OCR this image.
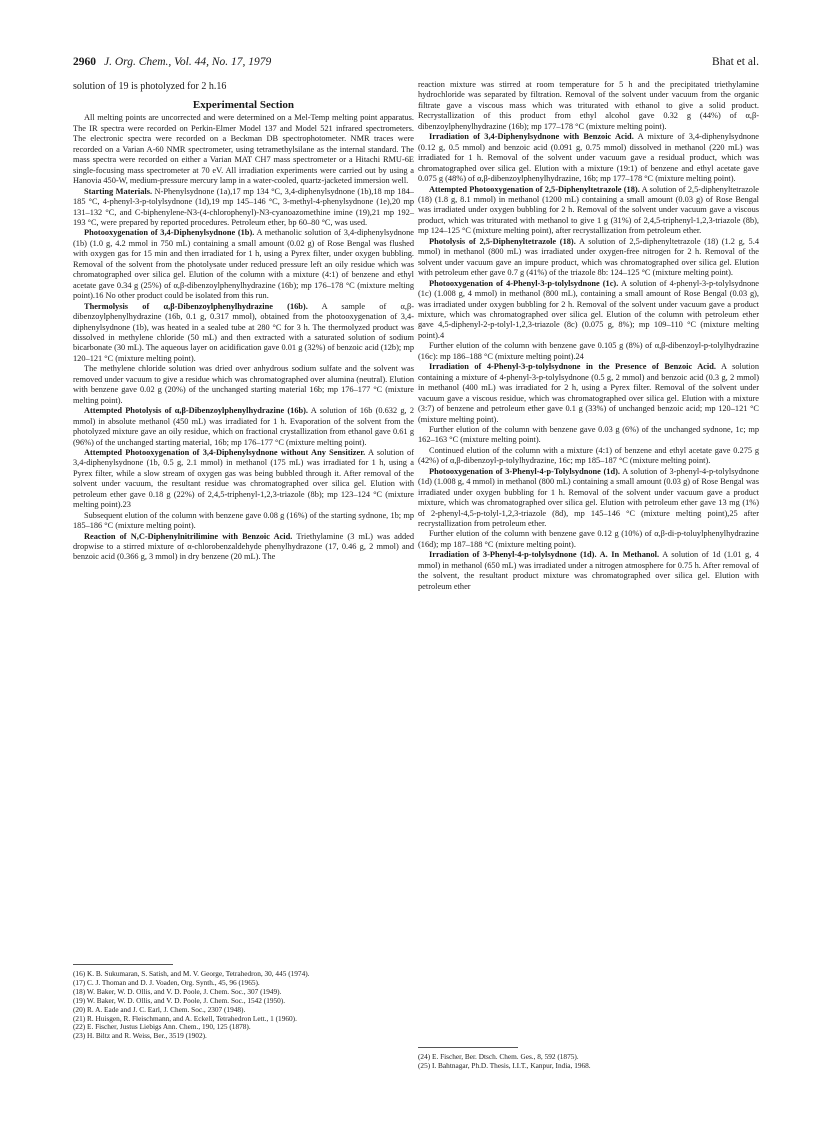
2960 J. Org. Chem., Vol. 44, No. 17, 1979	Bhat et al.

solution of 19 is photolyzed for 2 h.16

Experimental Section

All melting points are uncorrected and were determined on a Mel-Temp melting point apparatus. The IR spectra were recorded on Perkin-Elmer Model 137 and Model 521 infrared spectrometers. The electronic spectra were recorded on a Beckman DB spectrophotometer. NMR traces were recorded on a Varian A-60 NMR spectrometer, using tetramethylsilane as the internal standard. The mass spectra were recorded on either a Varian MAT CH7 mass spectrometer or a Hitachi RMU-6E single-focusing mass spectrometer at 70 eV. All irradiation experiments were carried out by using a Hanovia 450-W, medium-pressure mercury lamp in a water-cooled, quartz-jacketed immersion well.

Starting Materials. N-Phenylsydnone (1a),17 mp 134 °C, 3,4-diphenylsydnone (1b),18 mp 184–185 °C, 4-phenyl-3-p-tolylsydnone (1d),19 mp 145–146 °C, 3-methyl-4-phenylsydnone (1e),20 mp 131–132 °C, and C-biphenylene-N3-(4-chlorophenyl)-N3-cyanoazomethine imine (19),21 mp 192–193 °C, were prepared by reported procedures. Petroleum ether, bp 60–80 °C, was used.

Photooxygenation of 3,4-Diphenylsydnone (1b). A methanolic solution of 3,4-diphenylsydnone (1b) (1.0 g, 4.2 mmol in 750 mL) containing a small amount (0.02 g) of Rose Bengal was flushed with oxygen gas for 15 min and then irradiated for 1 h, using a Pyrex filter, under oxygen bubbling. Removal of the solvent from the photolysate under reduced pressure left an oily residue which was chromatographed over silica gel. Elution of the column with a mixture (4:1) of benzene and ethyl acetate gave 0.34 g (25%) of α,β-dibenzoylphenylhydrazine (16b); mp 176–178 °C (mixture melting point).16 No other product could be isolated from this run.

Thermolysis of α,β-Dibenzoylphenylhydrazine (16b). A sample of α,β-dibenzoylphenylhydrazine (16b, 0.1 g, 0.317 mmol), obtained from the photooxygenation of 3,4-diphenylsydnone (1b), was heated in a sealed tube at 280 °C for 3 h. The thermolyzed product was dissolved in methylene chloride (50 mL) and then extracted with a saturated solution of sodium bicarbonate (30 mL). The aqueous layer on acidification gave 0.01 g (32%) of benzoic acid (12b); mp 120–121 °C (mixture melting point).

The methylene chloride solution was dried over anhydrous sodium sulfate and the solvent was removed under vacuum to give a residue which was chromatographed over alumina (neutral). Elution with benzene gave 0.02 g (20%) of the unchanged starting material 16b; mp 176–177 °C (mixture melting point).

Attempted Photolysis of α,β-Dibenzoylphenylhydrazine (16b). A solution of 16b (0.632 g, 2 mmol) in absolute methanol (450 mL) was irradiated for 1 h. Evaporation of the solvent from the photolyzed mixture gave an oily residue, which on fractional crystallization from ethanol gave 0.61 g (96%) of the unchanged starting material, 16b; mp 176–177 °C (mixture melting point).

Attempted Photooxygenation of 3,4-Diphenylsydnone without Any Sensitizer. A solution of 3,4-diphenylsydnone (1b, 0.5 g, 2.1 mmol) in methanol (175 mL) was irradiated for 1 h, using a Pyrex filter, while a slow stream of oxygen gas was being bubbled through it. After removal of the solvent under vacuum, the resultant residue was chromatographed over silica gel. Elution with petroleum ether gave 0.18 g (22%) of 2,4,5-triphenyl-1,2,3-triazole (8b); mp 123–124 °C (mixture melting point).23

Subsequent elution of the column with benzene gave 0.08 g (16%) of the starting sydnone, 1b; mp 185–186 °C (mixture melting point).

Reaction of N,C-Diphenylnitrilimine with Benzoic Acid. Triethylamine (3 mL) was added dropwise to a stirred mixture of α-chlorobenzaldehyde phenylhydrazone (17, 0.46 g, 2 mmol) and benzoic acid (0.366 g, 3 mmol) in dry benzene (20 mL). The

reaction mixture was stirred at room temperature for 5 h and the precipitated triethylamine hydrochloride was separated by filtration. Removal of the solvent under vacuum from the organic filtrate gave a viscous mass which was triturated with ethanol to give a solid product. Recrystallization of this product from ethyl alcohol gave 0.32 g (44%) of α,β-dibenzoylphenylhydrazine (16b); mp 177–178 °C (mixture melting point).

Irradiation of 3,4-Diphenylsydnone with Benzoic Acid. A mixture of 3,4-diphenylsydnone (0.12 g, 0.5 mmol) and benzoic acid (0.091 g, 0.75 mmol) dissolved in methanol (220 mL) was irradiated for 1 h. Removal of the solvent under vacuum gave a residual product, which was chromatographed over silica gel. Elution with a mixture (19:1) of benzene and ethyl acetate gave 0.075 g (48%) of α,β-dibenzoylphenylhydrazine, 16b; mp 177–178 °C (mixture melting point).

Attempted Photooxygenation of 2,5-Diphenyltetrazole (18). A solution of 2,5-diphenyltetrazole (18) (1.8 g, 8.1 mmol) in methanol (1200 mL) containing a small amount (0.03 g) of Rose Bengal was irradiated under oxygen bubbling for 2 h. Removal of the solvent under vacuum gave a viscous product, which was triturated with methanol to give 1 g (31%) of 2,4,5-triphenyl-1,2,3-triazole (8b), mp 124–125 °C (mixture melting point), after recrystallization from petroleum ether.

Photolysis of 2,5-Diphenyltetrazole (18). A solution of 2,5-diphenyltetrazole (18) (1.2 g, 5.4 mmol) in methanol (800 mL) was irradiated under oxygen-free nitrogen for 2 h. Removal of the solvent under vacuum gave an impure product, which was chromatographed over silica gel. Elution with petroleum ether gave 0.7 g (41%) of the triazole 8b: 124–125 °C (mixture melting point).

Photooxygenation of 4-Phenyl-3-p-tolylsydnone (1c). A solution of 4-phenyl-3-p-tolylsydnone (1c) (1.008 g, 4 mmol) in methanol (800 mL), containing a small amount of Rose Bengal (0.03 g), was irradiated under oxygen bubbling for 2 h. Removal of the solvent under vacuum gave a product mixture, which was chromatographed over silica gel. Elution of the column with petroleum ether gave 4,5-diphenyl-2-p-tolyl-1,2,3-triazole (8c) (0.075 g, 8%); mp 109–110 °C (mixture melting point).4

Further elution of the column with benzene gave 0.105 g (8%) of α,β-dibenzoyl-p-tolylhydrazine (16c): mp 186–188 °C (mixture melting point).24

Irradiation of 4-Phenyl-3-p-tolylsydnone in the Presence of Benzoic Acid. A solution containing a mixture of 4-phenyl-3-p-tolylsydnone (0.5 g, 2 mmol) and benzoic acid (0.3 g, 2 mmol) in methanol (400 mL) was irradiated for 2 h, using a Pyrex filter. Removal of the solvent under vacuum gave a viscous residue, which was chromatographed over silica gel. Elution with a mixture (3:7) of benzene and petroleum ether gave 0.1 g (33%) of unchanged benzoic acid; mp 120–121 °C (mixture melting point).

Further elution of the column with benzene gave 0.03 g (6%) of the unchanged sydnone, 1c; mp 162–163 °C (mixture melting point).

Continued elution of the column with a mixture (4:1) of benzene and ethyl acetate gave 0.275 g (42%) of α,β-dibenzoyl-p-tolylhydrazine, 16c; mp 185–187 °C (mixture melting point).

Photooxygenation of 3-Phenyl-4-p-Tolylsydnone (1d). A solution of 3-phenyl-4-p-tolylsydnone (1d) (1.008 g, 4 mmol) in methanol (800 mL) containing a small amount (0.03 g) of Rose Bengal was irradiated under oxygen bubbling for 1 h. Removal of the solvent under vacuum gave a product mixture, which was chromatographed over silica gel. Elution with petroleum ether gave 13 mg (1%) of 2-phenyl-4,5-p-tolyl-1,2,3-triazole (8d), mp 145–146 °C (mixture melting point),25 after recrystallization from petroleum ether.

Further elution of the column with benzene gave 0.12 g (10%) of α,β-di-p-toluylphenylhydrazine (16d); mp 187–188 °C (mixture melting point).

Irradiation of 3-Phenyl-4-p-tolylsydnone (1d). A. In Methanol. A solution of 1d (1.01 g, 4 mmol) in methanol (650 mL) was irradiated under a nitrogen atmosphere for 0.75 h. After removal of the solvent, the resultant product mixture was chromatographed over silica gel. Elution with petroleum ether

(16) K. B. Sukumaran, S. Satish, and M. V. George, Tetrahedron, 30, 445 (1974).

(17) C. J. Thoman and D. J. Voaden, Org. Synth., 45, 96 (1965).

(18) W. Baker, W. D. Ollis, and V. D. Poole, J. Chem. Soc., 307 (1949).

(19) W. Baker, W. D. Ollis, and V. D. Poole, J. Chem. Soc., 1542 (1950).

(20) R. A. Eade and J. C. Earl, J. Chem. Soc., 2307 (1948).

(21) R. Huisgen, R. Fleischmann, and A. Eckell, Tetrahedron Lett., 1 (1960).

(22) E. Fischer, Justus Liebigs Ann. Chem., 190, 125 (1878).

(23) H. Biltz and R. Weiss, Ber., 3519 (1902).

(24) E. Fischer, Ber. Dtsch. Chem. Ges., 8, 592 (1875).

(25) I. Bahtnagar, Ph.D. Thesis, I.I.T., Kanpur, India, 1968.
